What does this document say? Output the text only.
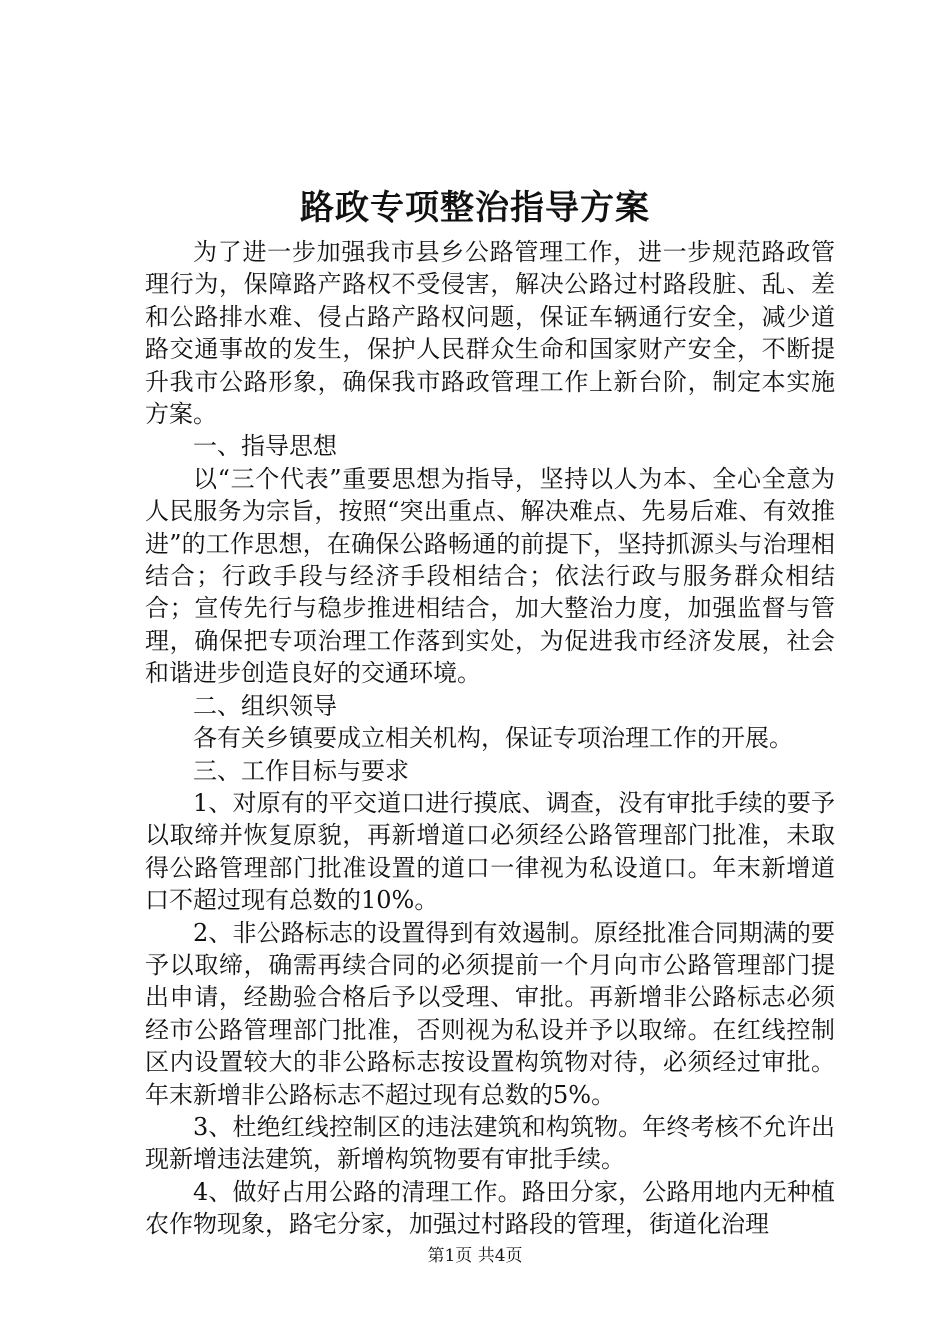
路政专项整治指导方案

为了进一步加强我市县乡公路管理工作，进一步规范路政管理行为，保障路产路权不受侵害，解决公路过村路段脏、乱、差和公路排水难、侵占路产路权问题，保证车辆通行安全，减少道路交通事故的发生，保护人民群众生命和国家财产安全，不断提升我市公路形象，确保我市路政管理工作上新台阶，制定本实施方案。

一、指导思想

以“三个代表”重要思想为指导，坚持以人为本、全心全意为人民服务为宗旨，按照“突出重点、解决难点、先易后难、有效推进”的工作思想，在确保公路畅通的前提下，坚持抓源头与治理相结合；行政手段与经济手段相结合；依法行政与服务群众相结合；宣传先行与稳步推进相结合，加大整治力度，加强监督与管理，确保把专项治理工作落到实处，为促进我市经济发展，社会和谐进步创造良好的交通环境。

二、组织领导

各有关乡镇要成立相关机构，保证专项治理工作的开展。

三、工作目标与要求

1、对原有的平交道口进行摸底、调查，没有审批手续的要予以取缔并恢复原貌，再新增道口必须经公路管理部门批准，未取得公路管理部门批准设置的道口一律视为私设道口。年末新增道口不超过现有总数的10%。

2、非公路标志的设置得到有效遏制。原经批准合同期满的要予以取缔，确需再续合同的必须提前一个月向市公路管理部门提出申请，经勘验合格后予以受理、审批。再新增非公路标志必须经市公路管理部门批准，否则视为私设并予以取缔。在红线控制区内设置较大的非公路标志按设置构筑物对待，必须经过审批。年末新增非公路标志不超过现有总数的5%。

3、杜绝红线控制区的违法建筑和构筑物。年终考核不允许出现新增违法建筑，新增构筑物要有审批手续。

4、做好占用公路的清理工作。路田分家，公路用地内无种植农作物现象，路宅分家，加强过村路段的管理，街道化治理

第1页 共4页
